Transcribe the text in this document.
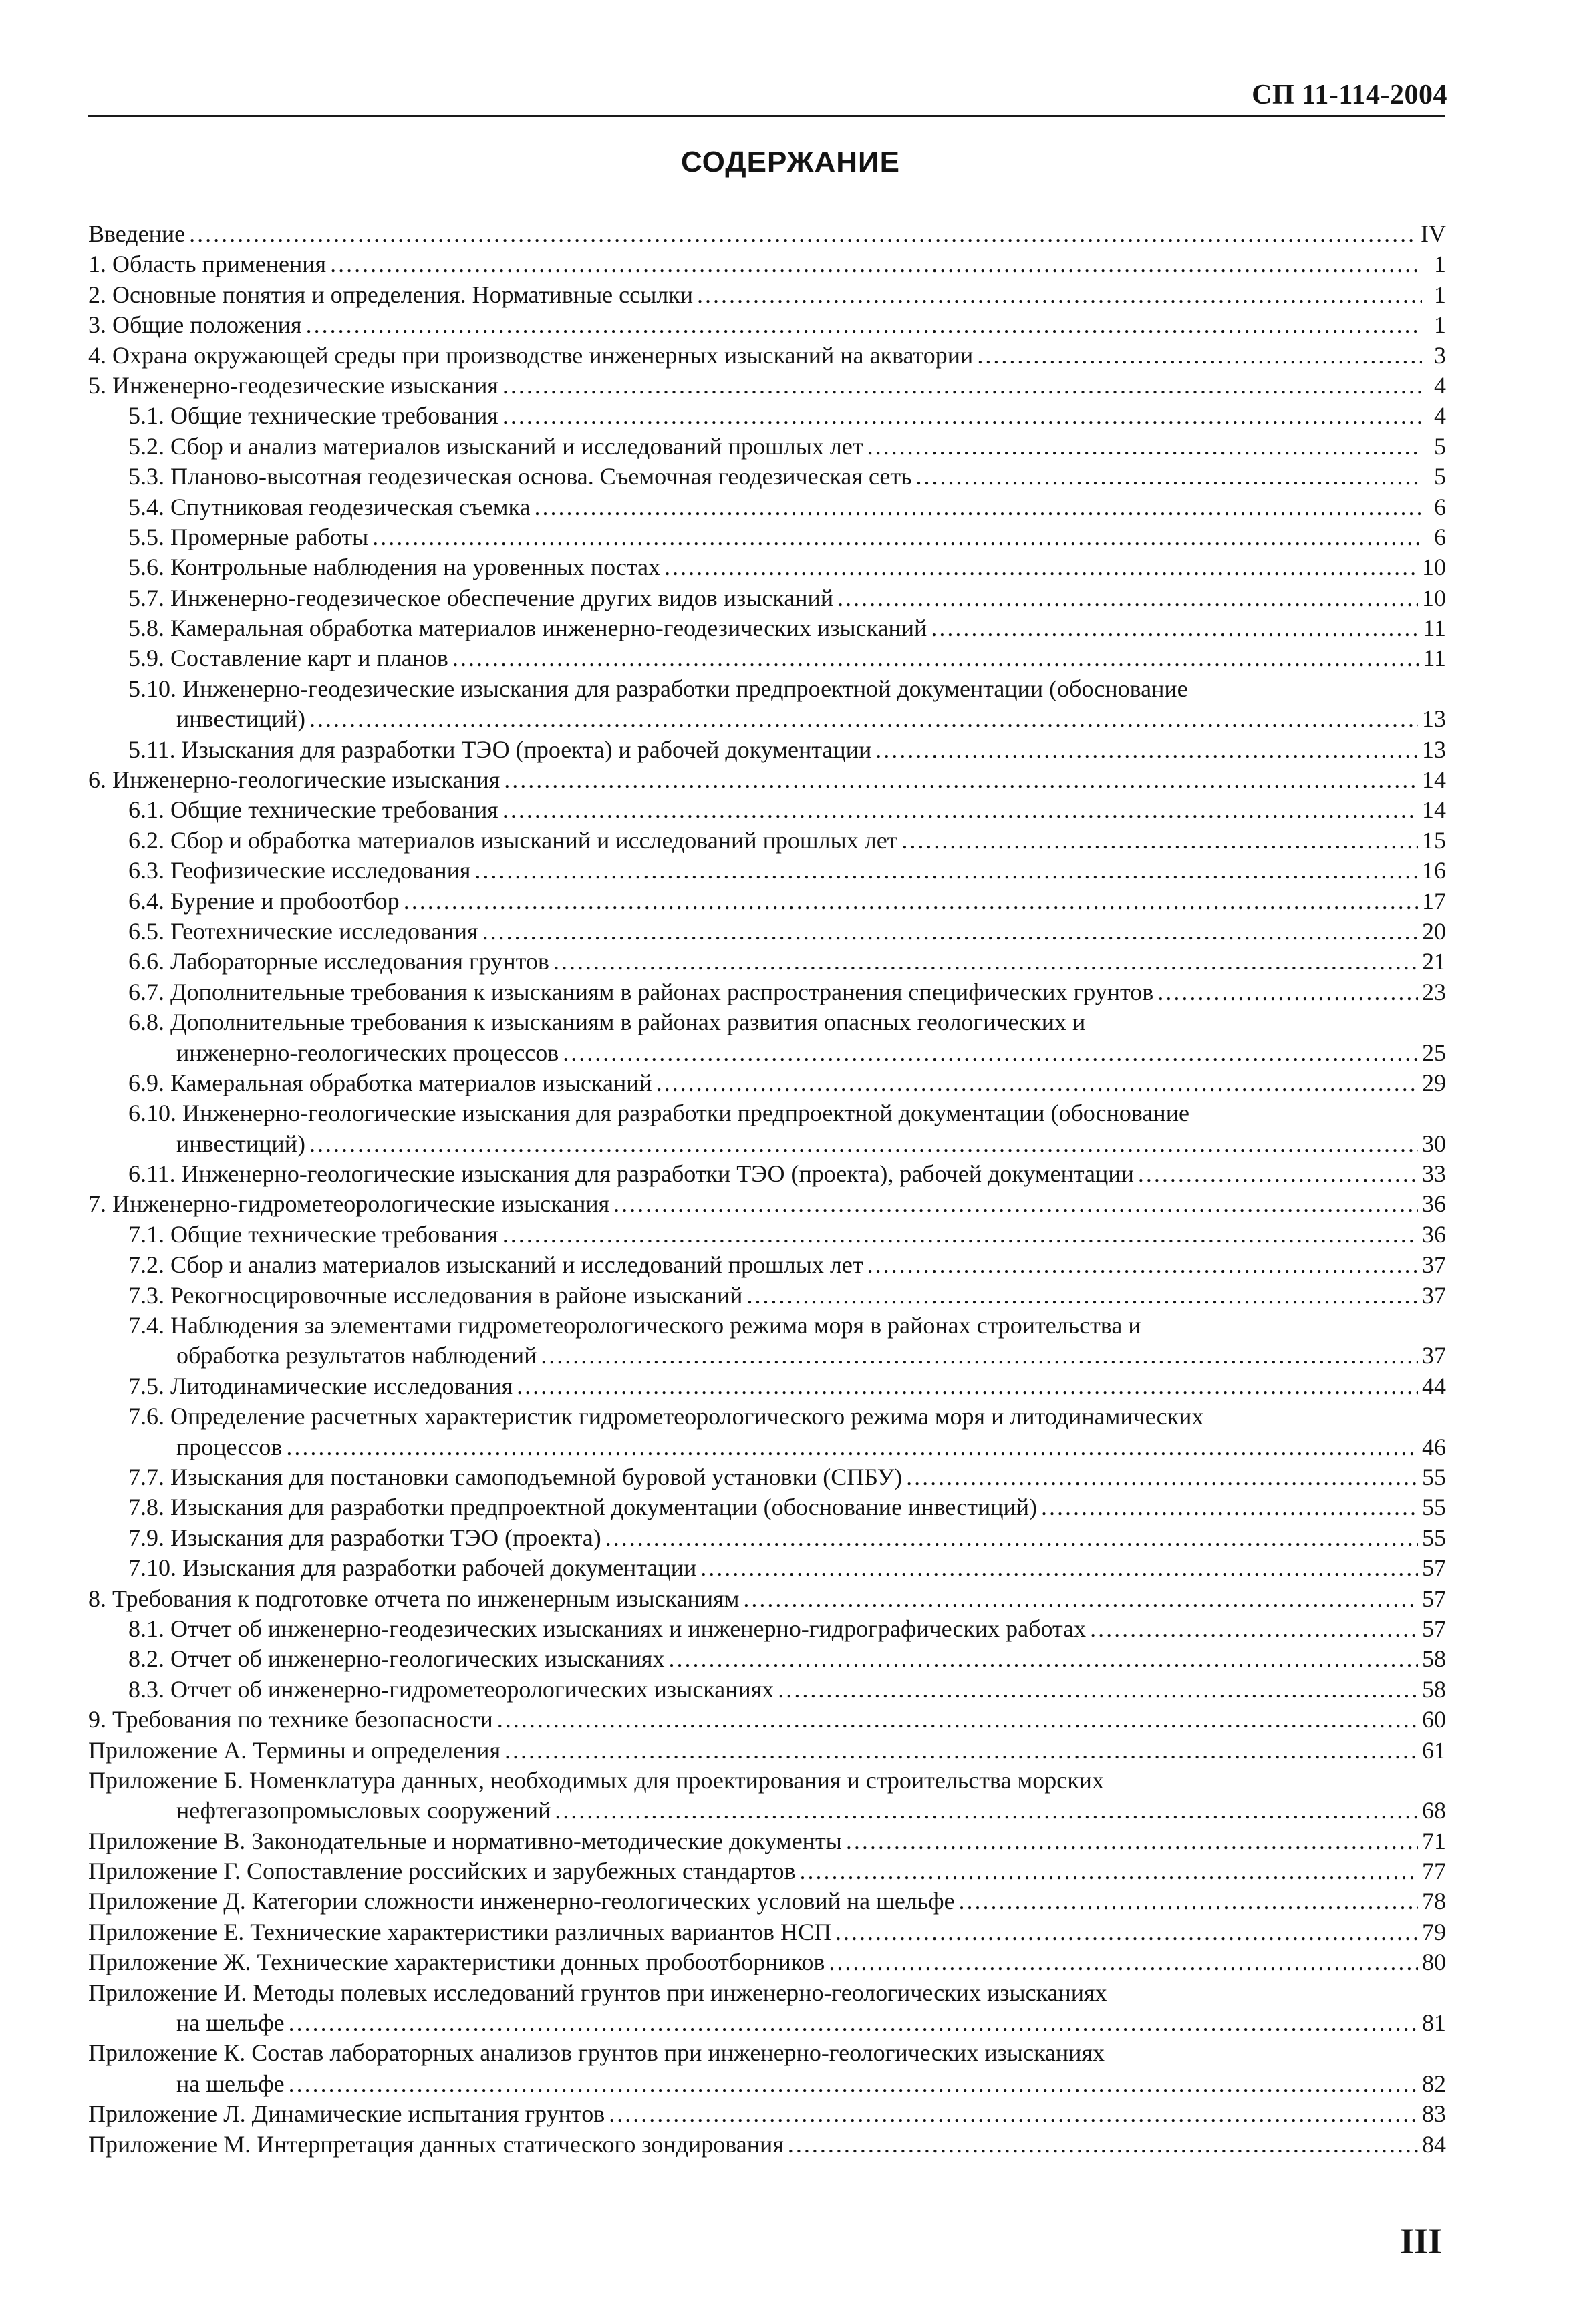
СП 11-114-2004
СОДЕРЖАНИЕ
Введение .....	IV
1. Область применения .....	1
2. Основные понятия и определения. Нормативные ссылки .....	1
3. Общие положения .....	1
4. Охрана окружающей среды при производстве инженерных изысканий на акватории .....	3
5. Инженерно-геодезические изыскания .....	4
5.1. Общие технические требования .....	4
5.2. Сбор и анализ материалов изысканий и исследований прошлых лет .....	5
5.3. Планово-высотная геодезическая основа. Съемочная геодезическая сеть .....	5
5.4. Спутниковая геодезическая съемка .....	6
5.5. Промерные работы .....	6
5.6. Контрольные наблюдения на уровенных постах .....	10
5.7. Инженерно-геодезическое обеспечение других видов изысканий .....	10
5.8. Камеральная обработка материалов инженерно-геодезических изысканий .....	11
5.9. Составление карт и планов .....	11
5.10. Инженерно-геодезические изыскания для разработки предпроектной документации (обоснование
инвестиций) .....	13
5.11. Изыскания для разработки ТЭО (проекта) и рабочей документации .....	13
6. Инженерно-геологические изыскания .....	14
6.1. Общие технические требования .....	14
6.2. Сбор и обработка материалов изысканий и исследований прошлых лет .....	15
6.3. Геофизические исследования .....	16
6.4. Бурение и пробоотбор .....	17
6.5. Геотехнические исследования .....	20
6.6. Лабораторные исследования грунтов .....	21
6.7. Дополнительные требования к изысканиям в районах распространения специфических грунтов .....	23
6.8. Дополнительные требования к изысканиям в районах развития опасных геологических и
инженерно-геологических процессов .....	25
6.9. Камеральная обработка материалов изысканий .....	29
6.10. Инженерно-геологические изыскания для разработки предпроектной документации (обоснование
инвестиций) .....	30
6.11. Инженерно-геологические изыскания для разработки ТЭО (проекта), рабочей документации .....	33
7. Инженерно-гидрометеорологические изыскания .....	36
7.1. Общие технические требования .....	36
7.2. Сбор и анализ материалов изысканий и исследований прошлых лет .....	37
7.3. Рекогносцировочные исследования в районе изысканий .....	37
7.4. Наблюдения за элементами гидрометеорологического режима моря в районах строительства и
обработка результатов наблюдений .....	37
7.5. Литодинамические исследования .....	44
7.6. Определение расчетных характеристик гидрометеорологического режима моря и литодинамических
процессов .....	46
7.7. Изыскания для постановки самоподъемной буровой установки (СПБУ) .....	55
7.8. Изыскания для разработки предпроектной документации (обоснование инвестиций) .....	55
7.9. Изыскания для разработки ТЭО (проекта) .....	55
7.10. Изыскания для разработки рабочей документации .....	57
8. Требования к подготовке отчета по инженерным изысканиям .....	57
8.1. Отчет об инженерно-геодезических изысканиях и инженерно-гидрографических работах .....	57
8.2. Отчет об инженерно-геологических изысканиях .....	58
8.3. Отчет об инженерно-гидрометеорологических изысканиях .....	58
9. Требования по технике безопасности .....	60
Приложение А. Термины и определения .....	61
Приложение Б. Номенклатура данных, необходимых для проектирования и строительства морских
нефтегазопромысловых сооружений .....	68
Приложение В. Законодательные и нормативно-методические документы .....	71
Приложение Г. Сопоставление российских и зарубежных стандартов .....	77
Приложение Д. Категории сложности инженерно-геологических условий на шельфе .....	78
Приложение Е. Технические характеристики различных вариантов НСП .....	79
Приложение Ж. Технические характеристики донных пробоотборников .....	80
Приложение И. Методы полевых исследований грунтов при инженерно-геологических изысканиях
на шельфе .....	81
Приложение К. Состав лабораторных анализов грунтов при инженерно-геологических изысканиях
на шельфе .....	82
Приложение Л. Динамические испытания грунтов .....	83
Приложение М. Интерпретация данных статического зондирования .....	84
III
